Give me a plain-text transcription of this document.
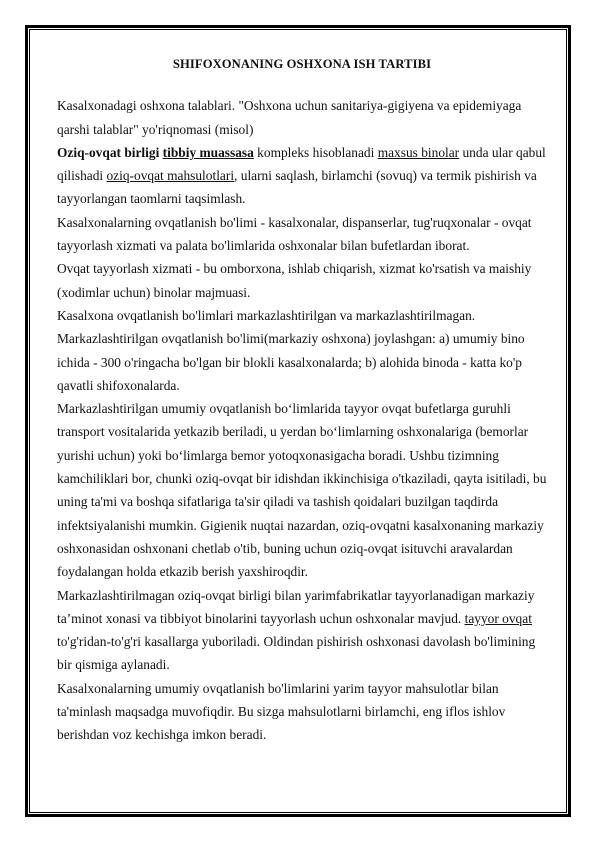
SHIFOXONANING OSHXONA ISH TARTIBI

Kasalxonadagi oshxona talablari. "Oshxona uchun sanitariya-gigiyena va epidemiyaga qarshi talablar" yo'riqnomasi (misol)

Oziq-ovqat birligi tibbiy muassasa kompleks hisoblanadi maxsus binolar unda ular qabul qilishadi oziq-ovqat mahsulotlari, ularni saqlash, birlamchi (sovuq) va termik pishirish va tayyorlangan taomlarni taqsimlash.

Kasalxonalarning ovqatlanish bo'limi - kasalxonalar, dispanserlar, tug'ruqxonalar - ovqat tayyorlash xizmati va palata bo'limlarida oshxonalar bilan bufetlardan iborat.

Ovqat tayyorlash xizmati - bu omborxona, ishlab chiqarish, xizmat ko'rsatish va maishiy (xodimlar uchun) binolar majmuasi.

Kasalxona ovqatlanish bo'limlari markazlashtirilgan va markazlashtirilmagan.

Markazlashtirilgan ovqatlanish bo'limi(markaziy oshxona) joylashgan: a) umumiy bino ichida - 300 o'ringacha bo'lgan bir blokli kasalxonalarda; b) alohida binoda - katta ko'p qavatli shifoxonalarda.

Markazlashtirilgan umumiy ovqatlanish bo‘limlarida tayyor ovqat bufetlarga guruhli transport vositalarida yetkazib beriladi, u yerdan bo‘limlarning oshxonalariga (bemorlar yurishi uchun) yoki bo‘limlarga bemor yotoqxonasigacha boradi. Ushbu tizimning kamchiliklari bor, chunki oziq-ovqat bir idishdan ikkinchisiga o'tkaziladi, qayta isitiladi, bu uning ta'mi va boshqa sifatlariga ta'sir qiladi va tashish qoidalari buzilgan taqdirda infektsiyalanishi mumkin. Gigienik nuqtai nazardan, oziq-ovqatni kasalxonaning markaziy oshxonasidan oshxonani chetlab o'tib, buning uchun oziq-ovqat isituvchi aravalardan foydalangan holda etkazib berish yaxshiroqdir.

Markazlashtirilmagan oziq-ovqat birligi bilan yarimfabrikatlar tayyorlanadigan markaziy ta’minot xonasi va tibbiyot binolarini tayyorlash uchun oshxonalar mavjud. tayyor ovqat to'g'ridan-to'g'ri kasallarga yuboriladi. Oldindan pishirish oshxonasi davolash bo'limining bir qismiga aylanadi.

Kasalxonalarning umumiy ovqatlanish bo'limlarini yarim tayyor mahsulotlar bilan ta'minlash maqsadga muvofiqdir. Bu sizga mahsulotlarni birlamchi, eng iflos ishlov berishdan voz kechishga imkon beradi.
